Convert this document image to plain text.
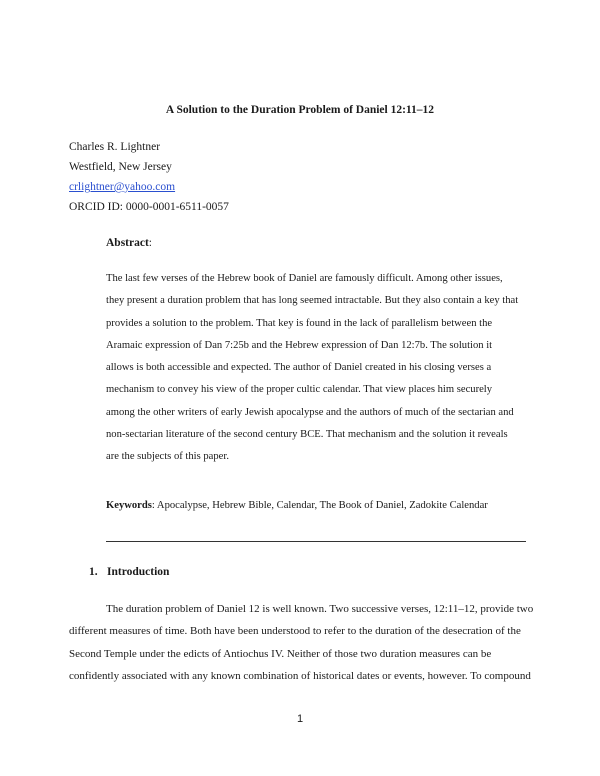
A Solution to the Duration Problem of Daniel 12:11–12
Charles R. Lightner
Westfield, New Jersey
crlightner@yahoo.com
ORCID ID: 0000-0001-6511-0057
Abstract:
The last few verses of the Hebrew book of Daniel are famously difficult. Among other issues,
they present a duration problem that has long seemed intractable. But they also contain a key that
provides a solution to the problem. That key is found in the lack of parallelism between the
Aramaic expression of Dan 7:25b and the Hebrew expression of Dan 12:7b. The solution it
allows is both accessible and expected. The author of Daniel created in his closing verses a
mechanism to convey his view of the proper cultic calendar. That view places him securely
among the other writers of early Jewish apocalypse and the authors of much of the sectarian and
non-sectarian literature of the second century BCE. That mechanism and the solution it reveals
are the subjects of this paper.
Keywords: Apocalypse, Hebrew Bible, Calendar, The Book of Daniel, Zadokite Calendar
1. Introduction
The duration problem of Daniel 12 is well known. Two successive verses, 12:11–12, provide two
different measures of time. Both have been understood to refer to the duration of the desecration of the
Second Temple under the edicts of Antiochus IV. Neither of those two duration measures can be
confidently associated with any known combination of historical dates or events, however. To compound
1
